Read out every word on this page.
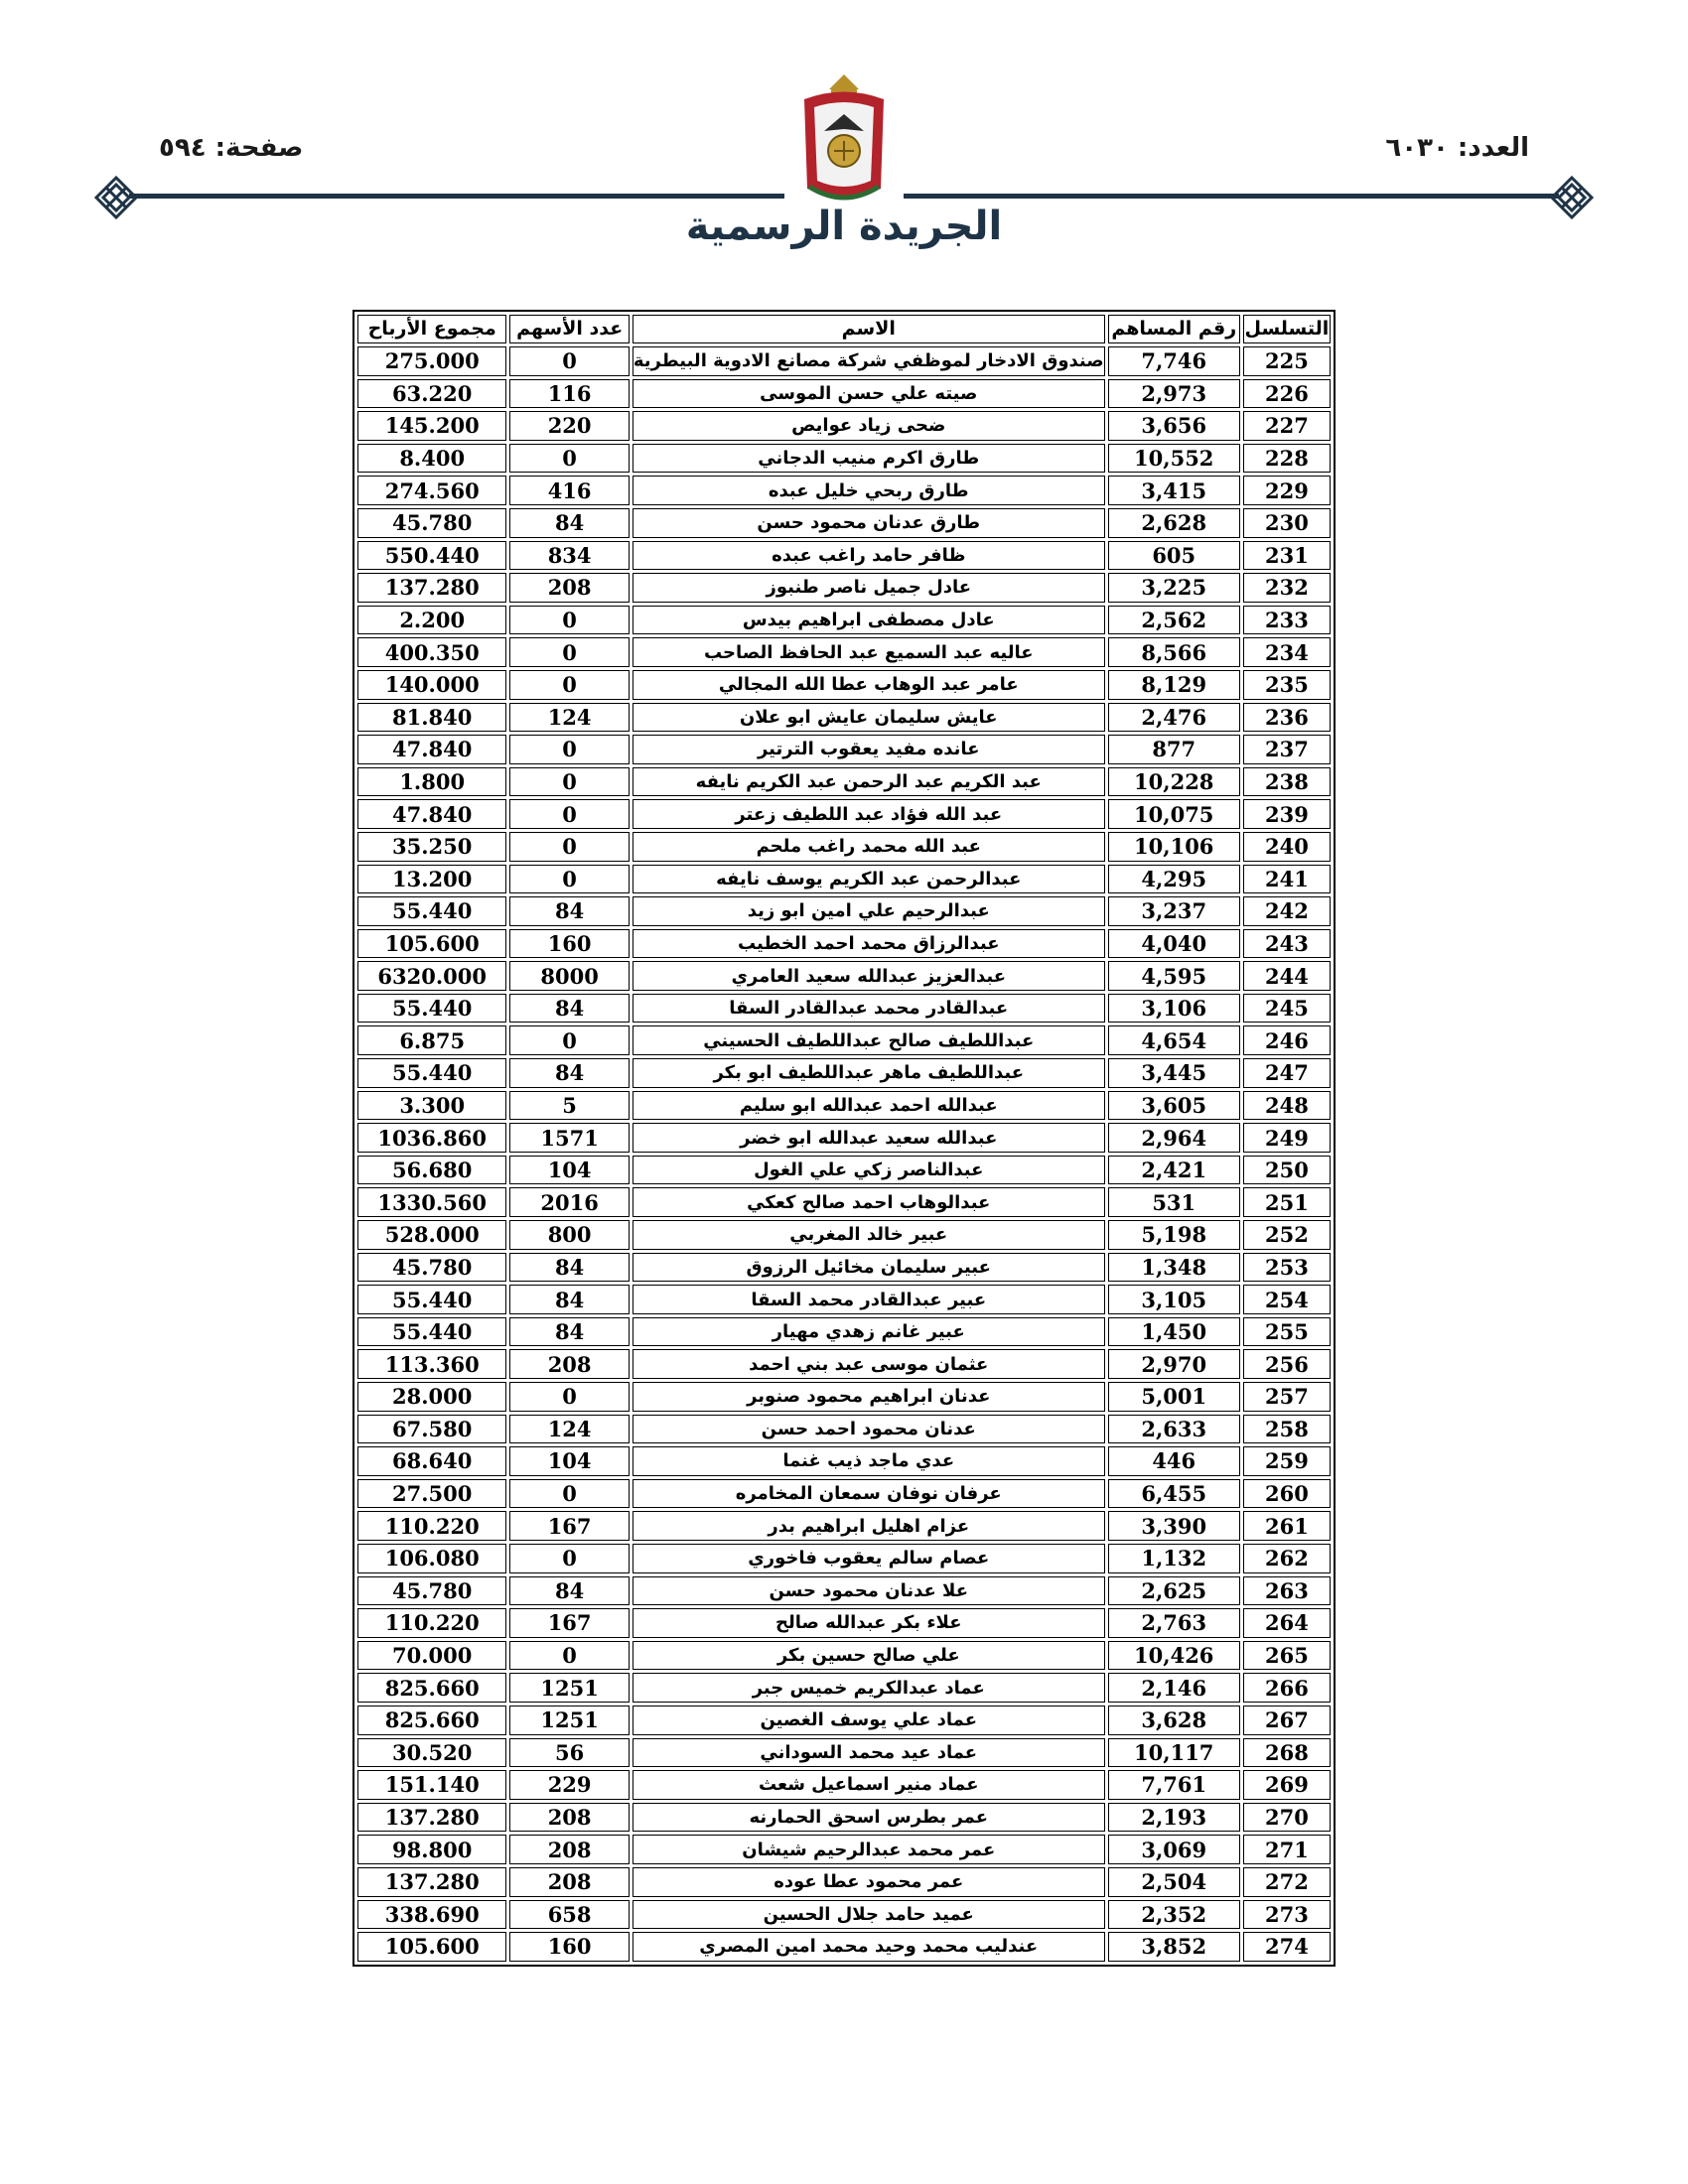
العدد: ٦٠٣٠
صفحة: ٥٩٤
الجريدة الرسمية
التسلسل	رقم المساهم	الاسم	عدد الأسهم	مجموع الأرباح
225	7,746	صندوق الادخار لموظفي شركة مصانع الادوية البيطرية	0	275.000
226	2,973	صيته علي حسن الموسى	116	63.220
227	3,656	ضحى زياد عوايص	220	145.200
228	10,552	طارق اكرم منيب الدجاني	0	8.400
229	3,415	طارق ربحي خليل عبده	416	274.560
230	2,628	طارق عدنان محمود حسن	84	45.780
231	605	ظافر حامد راغب عبده	834	550.440
232	3,225	عادل جميل ناصر طنبوز	208	137.280
233	2,562	عادل مصطفى ابراهيم بيدس	0	2.200
234	8,566	عاليه عبد السميع عبد الحافظ الصاحب	0	400.350
235	8,129	عامر عبد الوهاب عطا الله المجالي	0	140.000
236	2,476	عايش سليمان عايش ابو علان	124	81.840
237	877	عانده مفيد يعقوب الترتير	0	47.840
238	10,228	عبد الكريم عبد الرحمن عبد الكريم نايفه	0	1.800
239	10,075	عبد الله فؤاد عبد اللطيف زعتر	0	47.840
240	10,106	عبد الله محمد راغب ملحم	0	35.250
241	4,295	عبدالرحمن عبد الكريم يوسف نايفه	0	13.200
242	3,237	عبدالرحيم علي امين ابو زيد	84	55.440
243	4,040	عبدالرزاق محمد احمد الخطيب	160	105.600
244	4,595	عبدالعزيز عبدالله سعيد العامري	8000	6320.000
245	3,106	عبدالقادر محمد عبدالقادر السقا	84	55.440
246	4,654	عبداللطيف صالح عبداللطيف الحسيني	0	6.875
247	3,445	عبداللطيف ماهر عبداللطيف ابو بكر	84	55.440
248	3,605	عبدالله احمد عبدالله ابو سليم	5	3.300
249	2,964	عبدالله سعيد عبدالله ابو خضر	1571	1036.860
250	2,421	عبدالناصر زكي علي الغول	104	56.680
251	531	عبدالوهاب احمد صالح كعكي	2016	1330.560
252	5,198	عبير خالد المغربي	800	528.000
253	1,348	عبير سليمان مخائيل الرزوق	84	45.780
254	3,105	عبير عبدالقادر محمد السقا	84	55.440
255	1,450	عبير غانم زهدي مهيار	84	55.440
256	2,970	عثمان موسى عبد بني احمد	208	113.360
257	5,001	عدنان ابراهيم محمود صنوبر	0	28.000
258	2,633	عدنان محمود احمد حسن	124	67.580
259	446	عدي ماجد ذيب غنما	104	68.640
260	6,455	عرفان نوفان سمعان المخامره	0	27.500
261	3,390	عزام اهليل ابراهيم بدر	167	110.220
262	1,132	عصام سالم يعقوب فاخوري	0	106.080
263	2,625	علا عدنان محمود حسن	84	45.780
264	2,763	علاء بكر عبدالله صالح	167	110.220
265	10,426	علي صالح حسين بكر	0	70.000
266	2,146	عماد عبدالكريم خميس جبر	1251	825.660
267	3,628	عماد علي يوسف الغصين	1251	825.660
268	10,117	عماد عيد محمد السوداني	56	30.520
269	7,761	عماد منير اسماعيل شعث	229	151.140
270	2,193	عمر بطرس اسحق الحمارنه	208	137.280
271	3,069	عمر محمد عبدالرحيم شيشان	208	98.800
272	2,504	عمر محمود عطا عوده	208	137.280
273	2,352	عميد حامد جلال الحسين	658	338.690
274	3,852	عندليب محمد وحيد محمد امين المصري	160	105.600
